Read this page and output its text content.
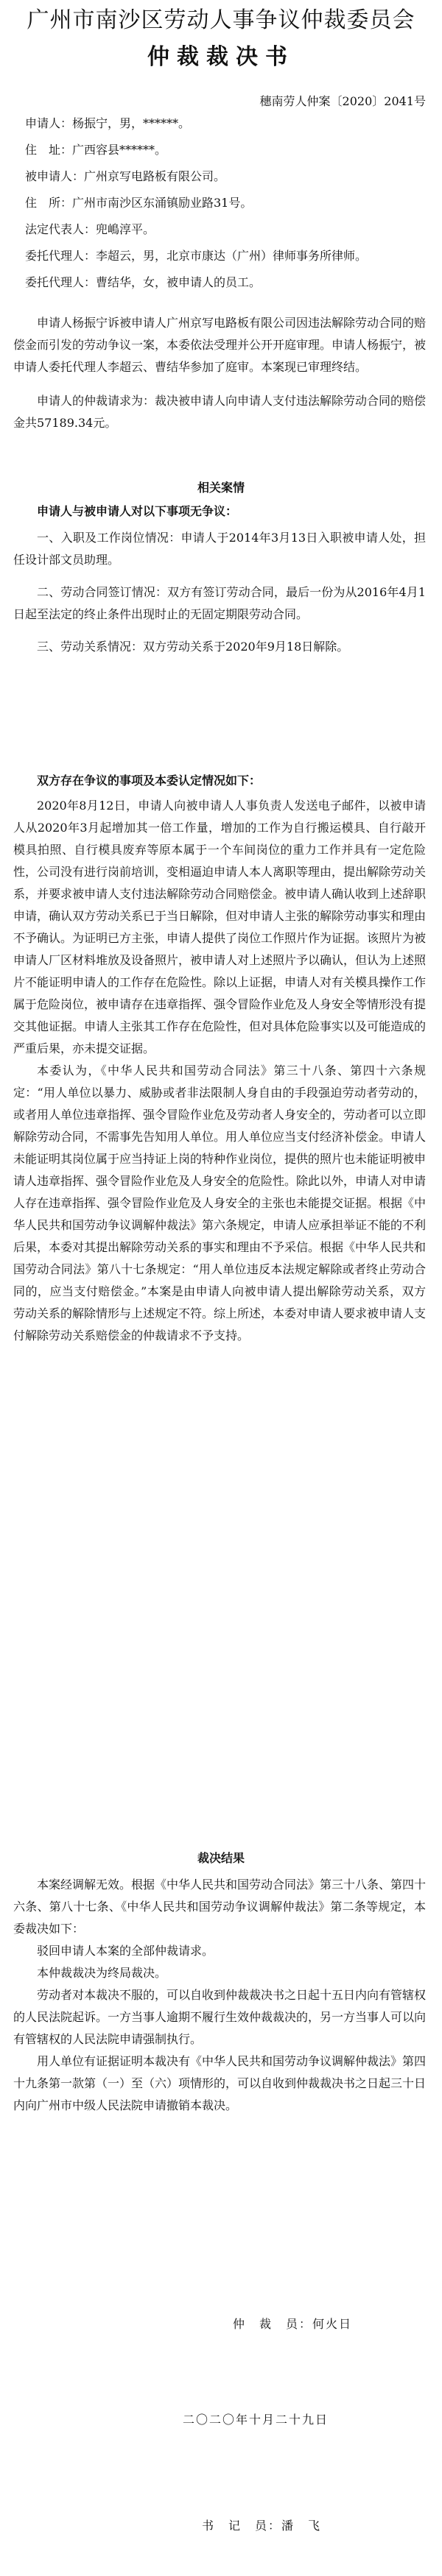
广州市南沙区劳动人事争议仲裁委员会
仲裁裁决书
穗南劳人仲案〔2020〕2041号

申请人：杨振宁，男，******。

住　址：广西容县******。

被申请人：广州京写电路板有限公司。

住　所：广州市南沙区东涌镇励业路31号。

法定代表人：兜嶋淳平。

委托代理人：李超云，男，北京市康达（广州）律师事务所律师。

委托代理人：曹结华，女，被申请人的员工。

申请人杨振宁诉被申请人广州京写电路板有限公司因违法解除劳动合同的赔偿金而引发的劳动争议一案，本委依法受理并公开开庭审理。申请人杨振宁，被申请人委托代理人李超云、曹结华参加了庭审。本案现已审理终结。

申请人的仲裁请求为：裁决被申请人向申请人支付违法解除劳动合同的赔偿金共57189.34元。

相关案情
申请人与被申请人对以下事项无争议：

一、入职及工作岗位情况：申请人于2014年3月13日入职被申请人处，担任设计部文员助理。

二、劳动合同签订情况：双方有签订劳动合同，最后一份为从2016年4月1日起至法定的终止条件出现时止的无固定期限劳动合同。

三、劳动关系情况：双方劳动关系于2020年9月18日解除。

双方存在争议的事项及本委认定情况如下：

2020年8月12日，申请人向被申请人人事负责人发送电子邮件，以被申请人从2020年3月起增加其一倍工作量，增加的工作为自行搬运模具、自行敲开模具拍照、自行模具废弃等原本属于一个车间岗位的重力工作并具有一定危险性，公司没有进行岗前培训，变相逼迫申请人本人离职等理由，提出解除劳动关系，并要求被申请人支付违法解除劳动合同赔偿金。被申请人确认收到上述辞职申请，确认双方劳动关系已于当日解除，但对申请人主张的解除劳动事实和理由不予确认。为证明已方主张，申请人提供了岗位工作照片作为证据。该照片为被申请人厂区材料堆放及设备照片，被申请人对上述照片予以确认，但认为上述照片不能证明申请人的工作存在危险性。除以上证据，申请人对有关模具操作工作属于危险岗位，被申请存在违章指挥、强令冒险作业危及人身安全等情形没有提交其他证据。申请人主张其工作存在危险性，但对具体危险事实以及可能造成的严重后果，亦未提交证据。

本委认为，《中华人民共和国劳动合同法》第三十八条、第四十六条规定：“用人单位以暴力、威胁或者非法限制人身自由的手段强迫劳动者劳动的，或者用人单位违章指挥、强令冒险作业危及劳动者人身安全的，劳动者可以立即解除劳动合同，不需事先告知用人单位。用人单位应当支付经济补偿金。申请人未能证明其岗位属于应当持证上岗的特种作业岗位，提供的照片也未能证明被申请人违章指挥、强令冒险作业危及人身安全的危险性。除此以外，申请人对申请人存在违章指挥、强令冒险作业危及人身安全的主张也未能提交证据。根据《中华人民共和国劳动争议调解仲裁法》第六条规定，申请人应承担举证不能的不利后果，本委对其提出解除劳动关系的事实和理由不予采信。根据《中华人民共和国劳动合同法》第八十七条规定：“用人单位违反本法规定解除或者终止劳动合同的，应当支付赔偿金。”本案是由申请人向被申请人提出解除劳动关系，双方劳动关系的解除情形与上述规定不符。综上所述，本委对申请人要求被申请人支付解除劳动关系赔偿金的仲裁请求不予支持。

裁决结果

本案经调解无效。根据《中华人民共和国劳动合同法》第三十八条、第四十六条、第八十七条、《中华人民共和国劳动争议调解仲裁法》第二条等规定，本委裁决如下：

驳回申请人本案的全部仲裁请求。

本仲裁裁决为终局裁决。

劳动者对本裁决不服的，可以自收到仲裁裁决书之日起十五日内向有管辖权的人民法院起诉。一方当事人逾期不履行生效仲裁裁决的，另一方当事人可以向有管辖权的人民法院申请强制执行。

用人单位有证据证明本裁决有《中华人民共和国劳动争议调解仲裁法》第四十九条第一款第（一）至（六）项情形的，可以自收到仲裁裁决书之日起三十日内向广州市中级人民法院申请撤销本裁决。

仲　裁　员：何火日
二〇二〇年十月二十九日
书　记　员：潘　飞
